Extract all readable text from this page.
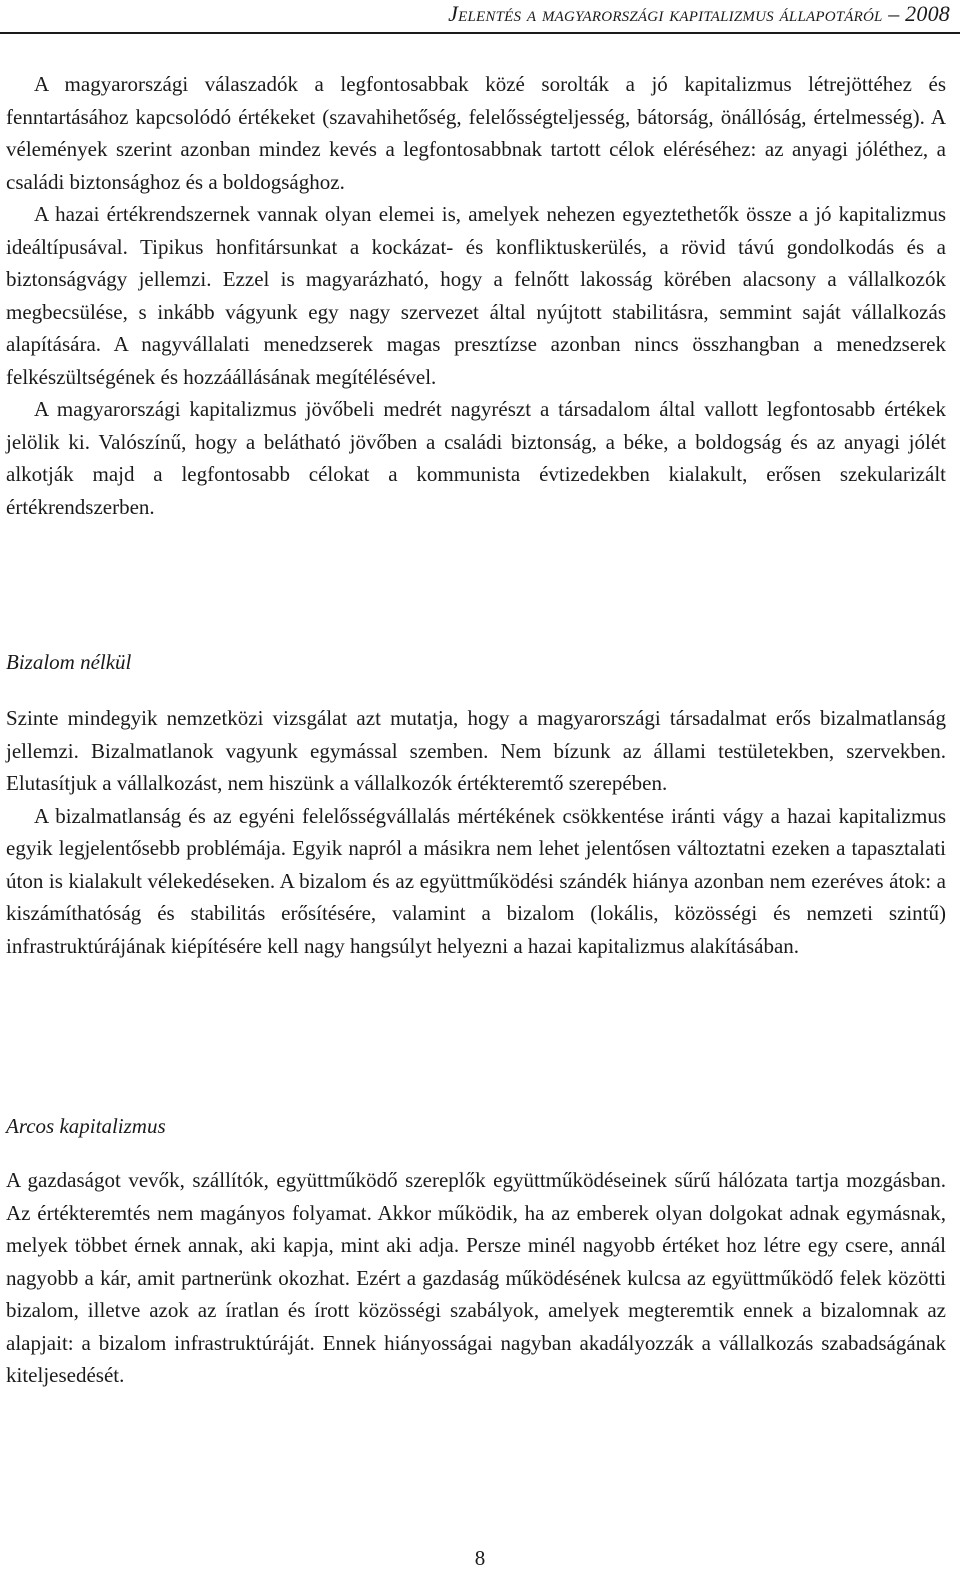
Jelentés a magyarországi kapitalizmus állapotáról – 2008

A magyarországi válaszadók a legfontosabbak közé sorolták a jó kapitalizmus létrejöttéhez és fenntartásához kapcsolódó értékeket (szavahihetőség, felelősségteljesség, bátorság, önállóság, értelmesség). A vélemények szerint azonban mindez kevés a legfontosabbnak tartott célok eléréséhez: az anyagi jóléthez, a családi biztonsághoz és a boldogsághoz.

A hazai értékrendszernek vannak olyan elemei is, amelyek nehezen egyeztethetők össze a jó kapitalizmus ideáltípusával. Tipikus honfitársunkat a kockázat- és konfliktuskerülés, a rövid távú gondolkodás és a biztonságvágy jellemzi. Ezzel is magyarázható, hogy a felnőtt lakosság körében alacsony a vállalkozók megbecsülése, s inkább vágyunk egy nagy szervezet által nyújtott stabilitásra, semmint saját vállalkozás alapítására. A nagyvállalati menedzserek magas presztízse azonban nincs összhangban a menedzserek felkészültségének és hozzáállásának megítélésével.

A magyarországi kapitalizmus jövőbeli medrét nagyrészt a társadalom által vallott legfontosabb értékek jelölik ki. Valószínű, hogy a belátható jövőben a családi biztonság, a béke, a boldogság és az anyagi jólét alkotják majd a legfontosabb célokat a kommunista évtizedekben kialakult, erősen szekularizált értékrendszerben.

Bizalom nélkül

Szinte mindegyik nemzetközi vizsgálat azt mutatja, hogy a magyarországi társadalmat erős bizalmatlanság jellemzi. Bizalmatlanok vagyunk egymással szemben. Nem bízunk az állami testületekben, szervekben. Elutasítjuk a vállalkozást, nem hiszünk a vállalkozók értékteremtő szerepében.

A bizalmatlanság és az egyéni felelősségvállalás mértékének csökkentése iránti vágy a hazai kapitalizmus egyik legjelentősebb problémája. Egyik napról a másikra nem lehet jelentősen változtatni ezeken a tapasztalati úton is kialakult vélekedéseken. A bizalom és az együttműködési szándék hiánya azonban nem ezeréves átok: a kiszámíthatóság és stabilitás erősítésére, valamint a bizalom (lokális, közösségi és nemzeti szintű) infrastruktúrájának kiépítésére kell nagy hangsúlyt helyezni a hazai kapitalizmus alakításában.

Arcos kapitalizmus

A gazdaságot vevők, szállítók, együttműködő szereplők együttműködéseinek sűrű hálózata tartja mozgásban. Az értékteremtés nem magányos folyamat. Akkor működik, ha az emberek olyan dolgokat adnak egymásnak, melyek többet érnek annak, aki kapja, mint aki adja. Persze minél nagyobb értéket hoz létre egy csere, annál nagyobb a kár, amit partnerünk okozhat. Ezért a gazdaság működésének kulcsa az együttműködő felek közötti bizalom, illetve azok az íratlan és írott közösségi szabályok, amelyek megteremtik ennek a bizalomnak az alapjait: a bizalom infrastruktúráját. Ennek hiányosságai nagyban akadályozzák a vállalkozás szabadságának kiteljesedését.

8
